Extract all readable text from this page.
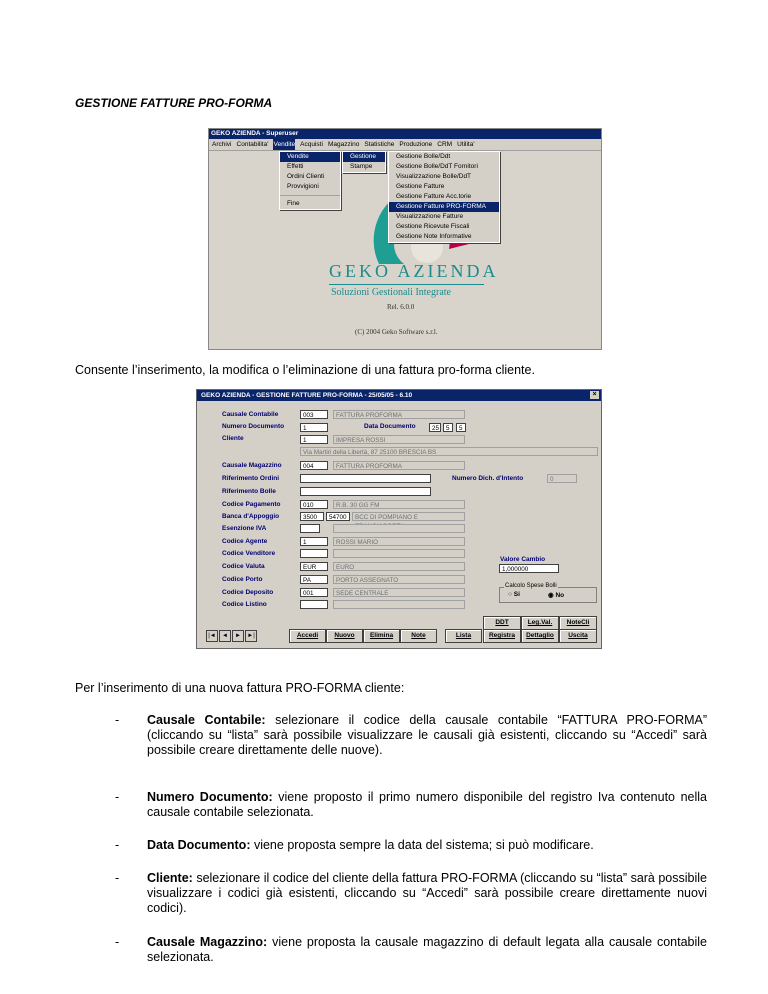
GESTIONE FATTURE PRO-FORMA
GEKO AZIENDA - Superuser
Archivi Contabilita' Vendite Acquisti Magazzino Statistiche Produzione CRM Utilita'
GEKO AZIENDA
Soluzioni Gestionali Integrate
Rel. 6.0.0
(C) 2004 Geko Software s.r.l.
Vendite
Effetti
Ordini Clienti
Provvigioni
Fine
Gestione
Stampe
Gestione Bolle/Ddt
Gestione Bolle/DdT Fornitori
Visualizzazione Bolle/DdT
Gestione Fatture
Gestione Fatture Acc.torie
Gestione Fatture PRO-FORMA
Visualizzazione Fatture
Gestione Ricevute Fiscali
Gestione Note Informative
Consente l’inserimento, la modifica o l’eliminazione di una fattura pro-forma cliente.
GEKO AZIENDA - GESTIONE FATTURE PRO-FORMA - 25/05/05 - 6.10	×
Causale Contabile	003	FATTURA PROFORMA
Numero Documento	1	Data Documento	25	5	5
Cliente	1	IMPRESA ROSSI
Via Martiri della Libertà, 87 25100 BRESCIA BS
Causale Magazzino	004	FATTURA PROFORMA
Riferimento Ordini	Numero Dich. d'Intento	0
Riferimento Bolle
Codice Pagamento	010	R.B. 30 GG FM
Banca d'Appoggio	3500	54700	BCC DI POMPIANO E
Esenzione IVA
Codice Agente	1	ROSSI MARIO
Codice Venditore
Codice Valuta	EUR	EURO
Valore Cambio
1,000000
Codice Porto	PA	PORTO ASSEGNATO
Codice Deposito	001	SEDE CENTRALE
Codice Listino
Calcolo Spese Bolli
○ Si	◉ No
DDT	Leg.Val.	NoteCli
|◄	◄	►	►|	Accedi	Nuovo	Elimina	Note	Lista	Registra	Dettaglio	Uscita
Per l’inserimento di una nuova fattura PRO-FORMA cliente:
- Causale Contabile: selezionare il codice della causale contabile “FATTURA PRO-FORMA” (cliccando su “lista” sarà possibile visualizzare le causali già esistenti, cliccando su “Accedi” sarà possibile creare direttamente delle nuove).
- Numero Documento: viene proposto il primo numero disponibile del registro Iva contenuto nella causale contabile selezionata.
- Data Documento: viene proposta sempre la data del sistema; si può modificare.
- Cliente: selezionare il codice del cliente della fattura PRO-FORMA (cliccando su “lista” sarà possibile visualizzare i codici già esistenti, cliccando su “Accedi” sarà possibile creare direttamente nuovi codici).
- Causale Magazzino: viene proposta la causale magazzino di default legata alla causale contabile selezionata.
